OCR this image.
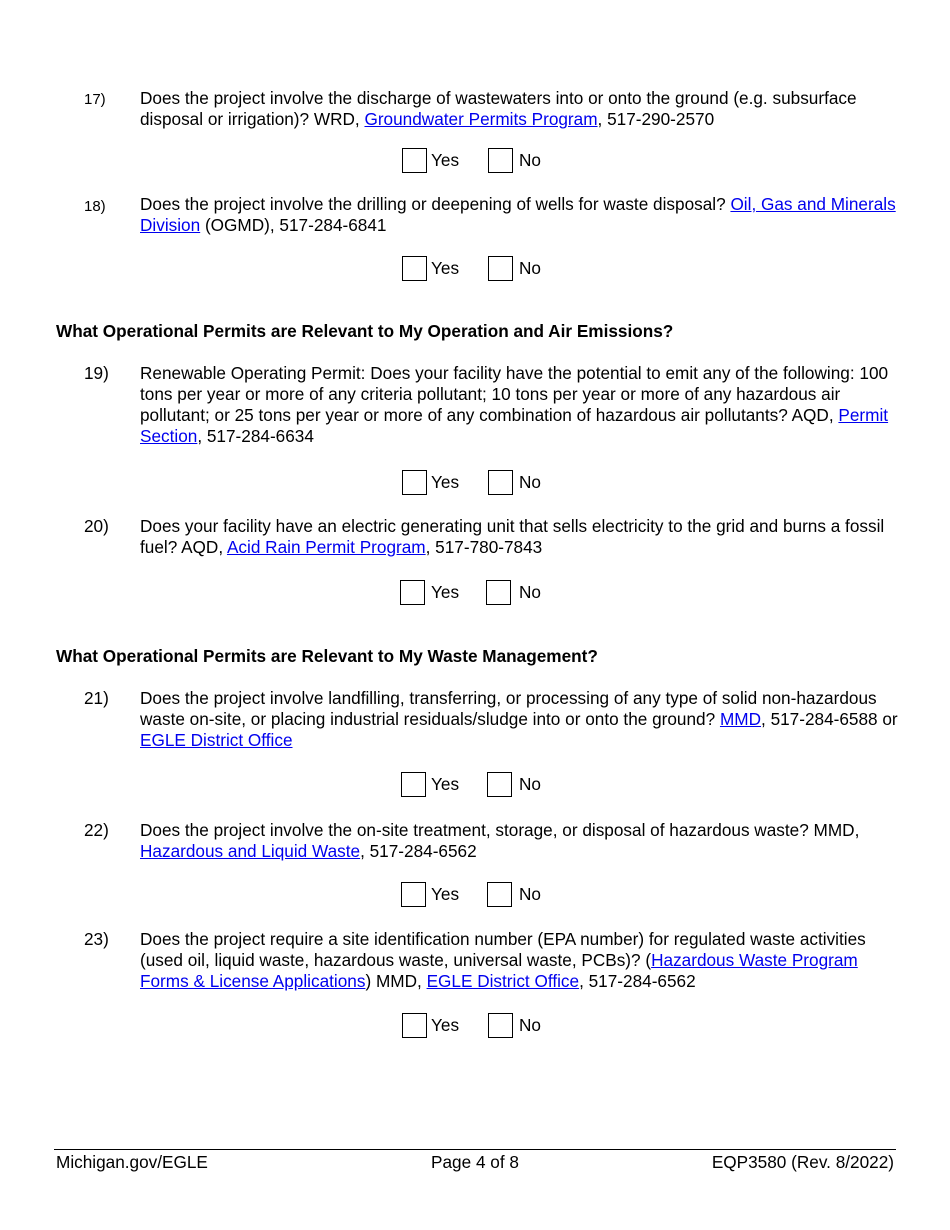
17) Does the project involve the discharge of wastewaters into or onto the ground (e.g. subsurface disposal or irrigation)? WRD, Groundwater Permits Program, 517-290-2570
Yes	No
18) Does the project involve the drilling or deepening of wells for waste disposal? Oil, Gas and Minerals Division (OGMD), 517-284-6841
Yes	No
What Operational Permits are Relevant to My Operation and Air Emissions?
19) Renewable Operating Permit: Does your facility have the potential to emit any of the following: 100 tons per year or more of any criteria pollutant; 10 tons per year or more of any hazardous air pollutant; or 25 tons per year or more of any combination of hazardous air pollutants? AQD, Permit Section, 517-284-6634
Yes	No
20) Does your facility have an electric generating unit that sells electricity to the grid and burns a fossil fuel? AQD, Acid Rain Permit Program, 517-780-7843
Yes	No
What Operational Permits are Relevant to My Waste Management?
21) Does the project involve landfilling, transferring, or processing of any type of solid non-hazardous waste on-site, or placing industrial residuals/sludge into or onto the ground? MMD, 517-284-6588 or EGLE District Office
Yes	No
22) Does the project involve the on-site treatment, storage, or disposal of hazardous waste? MMD, Hazardous and Liquid Waste, 517-284-6562
Yes	No
23) Does the project require a site identification number (EPA number) for regulated waste activities (used oil, liquid waste, hazardous waste, universal waste, PCBs)? (Hazardous Waste Program Forms & License Applications) MMD, EGLE District Office, 517-284-6562
Yes	No
Michigan.gov/EGLE	Page 4 of 8	EQP3580 (Rev. 8/2022)
